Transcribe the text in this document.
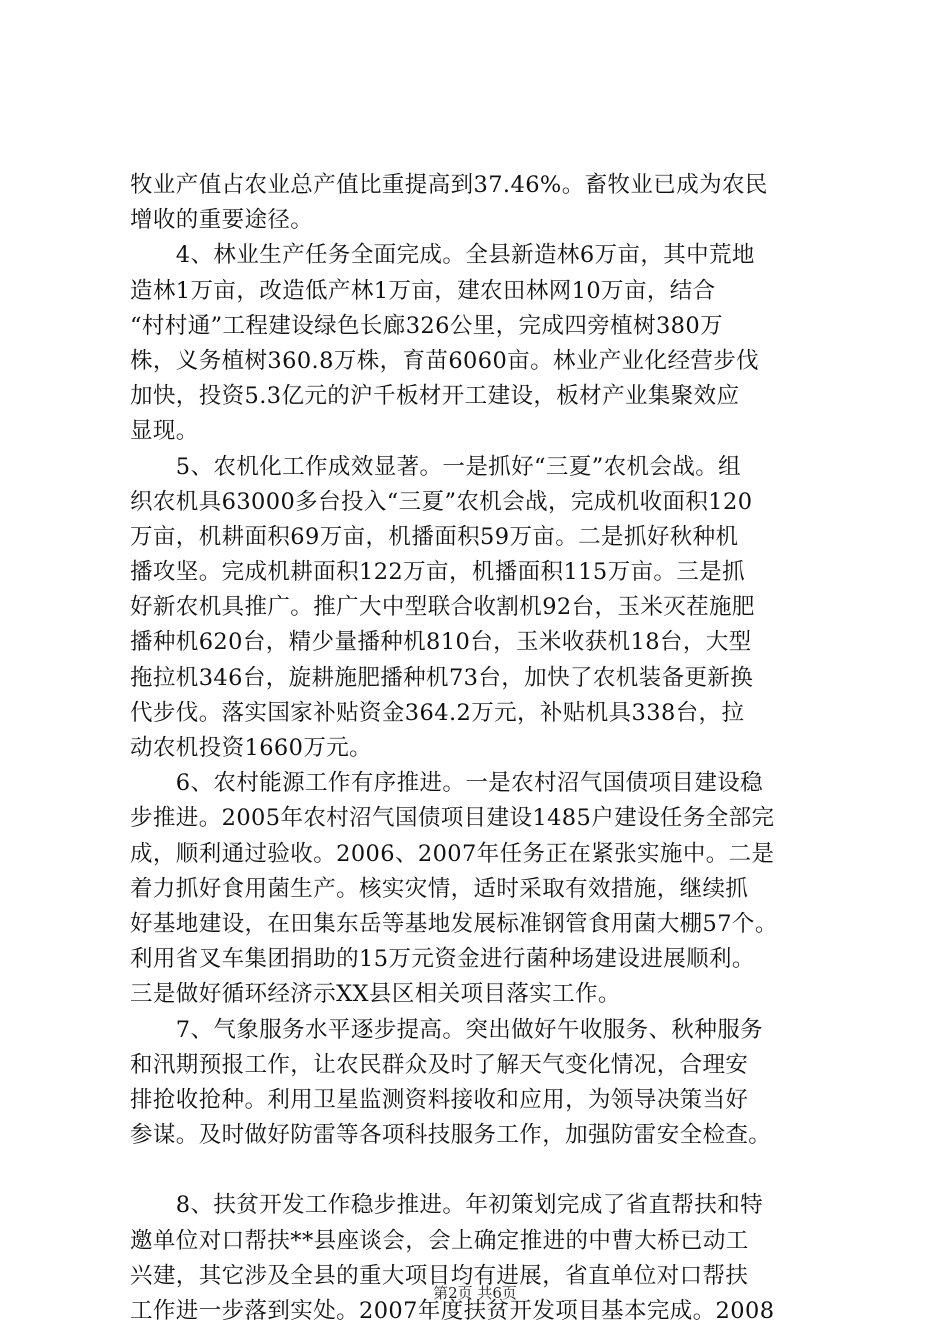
牧业产值占农业总产值比重提高到37.46%。畜牧业已成为农民
增收的重要途径。
　　4、林业生产任务全面完成。全县新造林6万亩，其中荒地
造林1万亩，改造低产林1万亩，建农田林网10万亩，结合
“村村通”工程建设绿色长廊326公里，完成四旁植树380万
株，义务植树360.8万株，育苗6060亩。林业产业化经营步伐
加快，投资5.3亿元的沪千板材开工建设，板材产业集聚效应
显现。
　　5、农机化工作成效显著。一是抓好“三夏”农机会战。组
织农机具63000多台投入“三夏”农机会战，完成机收面积120
万亩，机耕面积69万亩，机播面积59万亩。二是抓好秋种机
播攻坚。完成机耕面积122万亩，机播面积115万亩。三是抓
好新农机具推广。推广大中型联合收割机92台，玉米灭茬施肥
播种机620台，精少量播种机810台，玉米收获机18台，大型
拖拉机346台，旋耕施肥播种机73台，加快了农机装备更新换
代步伐。落实国家补贴资金364.2万元，补贴机具338台，拉
动农机投资1660万元。
　　6、农村能源工作有序推进。一是农村沼气国债项目建设稳
步推进。2005年农村沼气国债项目建设1485户建设任务全部完
成，顺利通过验收。2006、2007年任务正在紧张实施中。二是
着力抓好食用菌生产。核实灾情，适时采取有效措施，继续抓
好基地建设，在田集东岳等基地发展标准钢管食用菌大棚57个。
利用省叉车集团捐助的15万元资金进行菌种场建设进展顺利。
三是做好循环经济示XX县区相关项目落实工作。
　　7、气象服务水平逐步提高。突出做好午收服务、秋种服务
和汛期预报工作，让农民群众及时了解天气变化情况，合理安
排抢收抢种。利用卫星监测资料接收和应用，为领导决策当好
参谋。及时做好防雷等各项科技服务工作，加强防雷安全检查。
　　8、扶贫开发工作稳步推进。年初策划完成了省直帮扶和特
邀单位对口帮扶**县座谈会，会上确定推进的中曹大桥已动工
兴建，其它涉及全县的重大项目均有进展，省直单位对口帮扶
工作进一步落到实处。2007年度扶贫开发项目基本完成。2008
第2页 共6页
